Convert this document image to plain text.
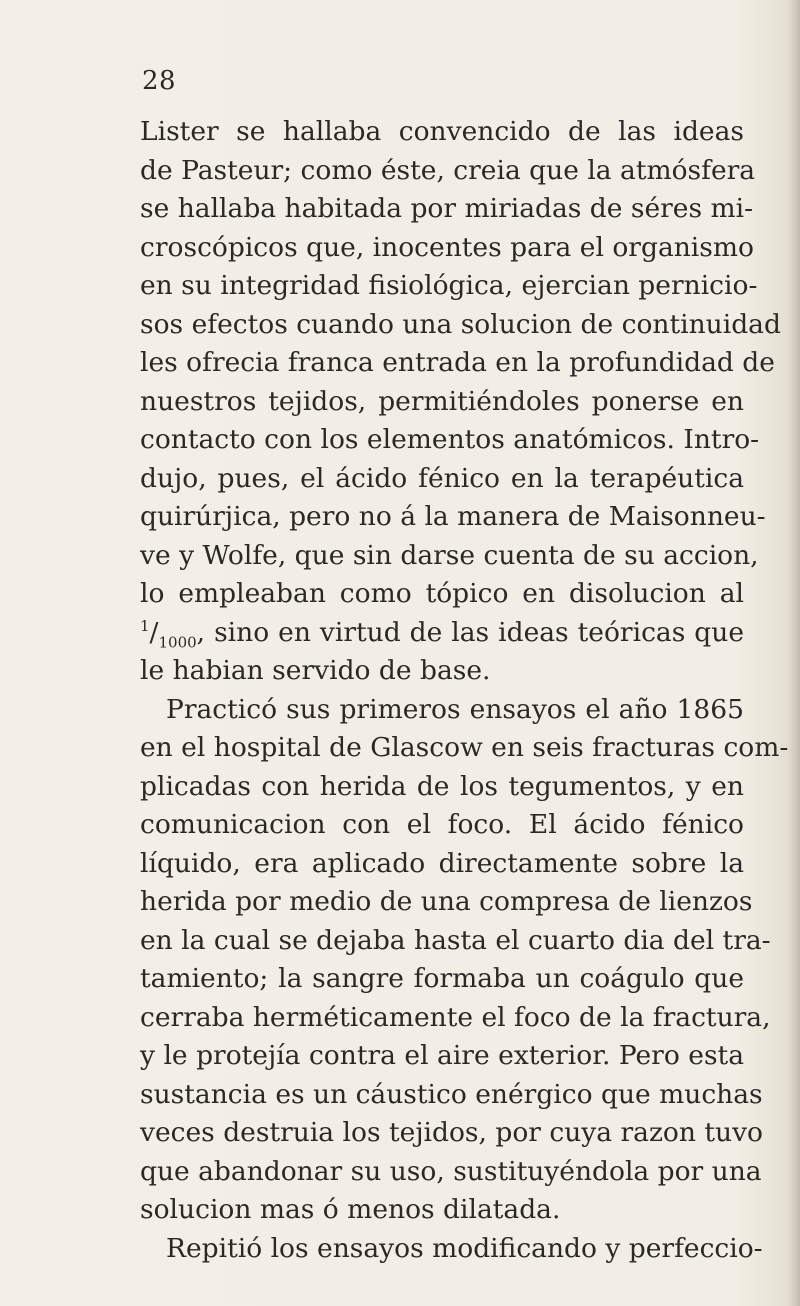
28
Lister se hallaba convencido de las ideas
de Pasteur; como éste, creia que la atmósfera
se hallaba habitada por miriadas de séres mi-
croscópicos que, inocentes para el organismo
en su integridad fisiológica, ejercian pernicio-
sos efectos cuando una solucion de continuidad
les ofrecia franca entrada en la profundidad de
nuestros tejidos, permitiéndoles ponerse en
contacto con los elementos anatómicos. Intro-
dujo, pues, el ácido fénico en la terapéutica
quirúrjica, pero no á la manera de Maisonneu-
ve y Wolfe, que sin darse cuenta de su accion,
lo empleaban como tópico en disolucion al
$^1/_{1000}$, sino en virtud de las ideas teóricas que
le habian servido de base.
Practicó sus primeros ensayos el año 1865
en el hospital de Glascow en seis fracturas com-
plicadas con herida de los tegumentos, y en
comunicacion con el foco. El ácido fénico
líquido, era aplicado directamente sobre la
herida por medio de una compresa de lienzos
en la cual se dejaba hasta el cuarto dia del tra-
tamiento; la sangre formaba un coágulo que
cerraba herméticamente el foco de la fractura,
y le protejía contra el aire exterior. Pero esta
sustancia es un cáustico enérgico que muchas
veces destruia los tejidos, por cuya razon tuvo
que abandonar su uso, sustituyéndola por una
solucion mas ó menos dilatada.
Repitió los ensayos modificando y perfeccio-
